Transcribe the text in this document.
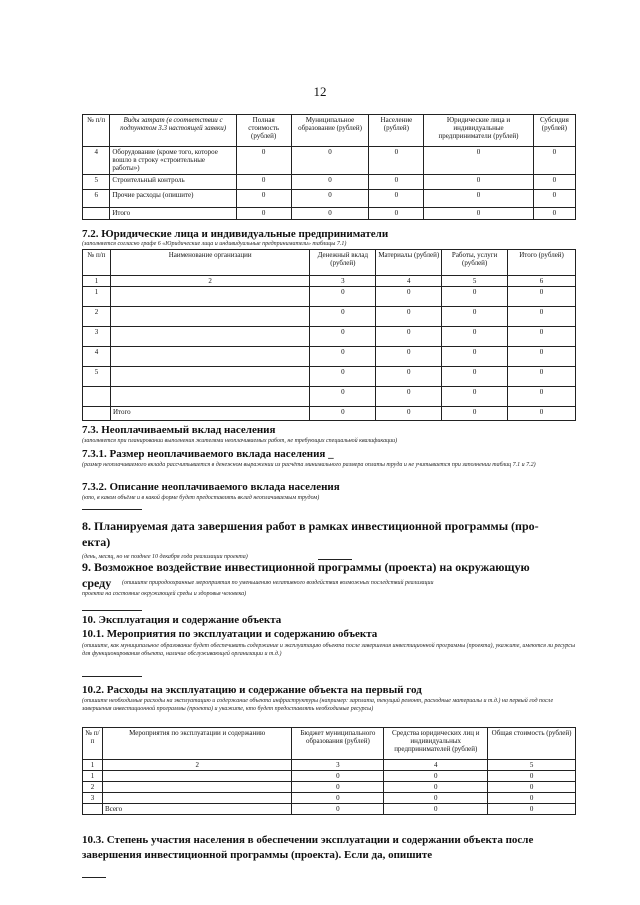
12
№ п/п	Виды затрат (в соответствии с подпунктом 3.3 настоящей заявки)	Полная стоимость (рублей)	Муниципальное образование (рублей)	Население (рублей)	Юридические лица и индивидуальные предприниматели (рублей)	Субсидия (рублей)
4	Оборудование (кроме того, которое вошло в строку «строительные работы»)	0	0	0	0	0
5	Строительный контроль	0	0	0	0	0
6	Прочие расходы (опишите)	0	0	0	0	0
	Итого	0	0	0	0	0
7.2. Юридические лица и индивидуальные предприниматели
(заполняется согласно графе 6 «Юридические лица и индивидуальные предприниматели» таблицы 7.1)
№ п/п	Наименование организации	Денежный вклад (рублей)	Материалы (рублей)	Работы, услуги (рублей)	Итого (рублей)
1	2	3	4	5	6
1		0	0	0	0
2		0	0	0	0
3		0	0	0	0
4		0	0	0	0
5		0	0	0	0
		0	0	0	0
	Итого	0	0	0	0
7.3. Неоплачиваемый вклад населения
(заполняется при планировании выполнения жителями неоплачиваемых работ, не требующих специальной квалификации)
7.3.1. Размер неоплачиваемого вклада населения _
(размер неоплачиваемого вклада рассчитывается в денежном выражении из расчёта минимального размера оплаты труда и не учитывается при заполнении таблиц 7.1 и 7.2)
7.3.2. Описание неоплачиваемого вклада населения
(кто, в каком объёме и в какой форме будет предоставлять вклад неоплачиваемым трудом)
8. Планируемая дата завершения работ в рамках инвестиционной программы (про-
екта)
(день, месяц, но не позднее 10 декабря года реализации проекта)
9. Возможное воздействие инвестиционной программы (проекта) на окружающую
среду (опишите природоохранные мероприятия по уменьшению негативного воздействия возможных последствий реализации
проекта на состояние окружающей среды и здоровья человека)
10. Эксплуатация и содержание объекта
10.1. Мероприятия по эксплуатации и содержанию объекта
(опишите, как муниципальное образование будет обеспечивать содержание и эксплуатацию объекта после завершения инвестиционной программы (проекта), укажите, имеются ли ресурсы для функционирования объекта, наличие обслуживающей организации и т.д.)
10.2. Расходы на эксплуатацию и содержание объекта на первый год
(опишите необходимые расходы на эксплуатацию и содержание объекта инфраструктуры (например: зарплата, текущий ремонт, расходные материалы и т.д.) на первый год после завершения инвестиционной программы (проекта) и укажите, кто будет предоставлять необходимые ресурсы)
№ п/п	Мероприятия по эксплуатации и содержанию	Бюджет муниципального образования (рублей)	Средства юридических лиц и индивидуальных предпринимателей (рублей)	Общая стоимость (рублей)
1	2	3	4	5
1		0	0	0
2		0	0	0
3		0	0	0
	Всего	0	0	0
10.3. Степень участия населения в обеспечении эксплуатации и содержании объекта после
завершения инвестиционной программы (проекта). Если да, опишите
